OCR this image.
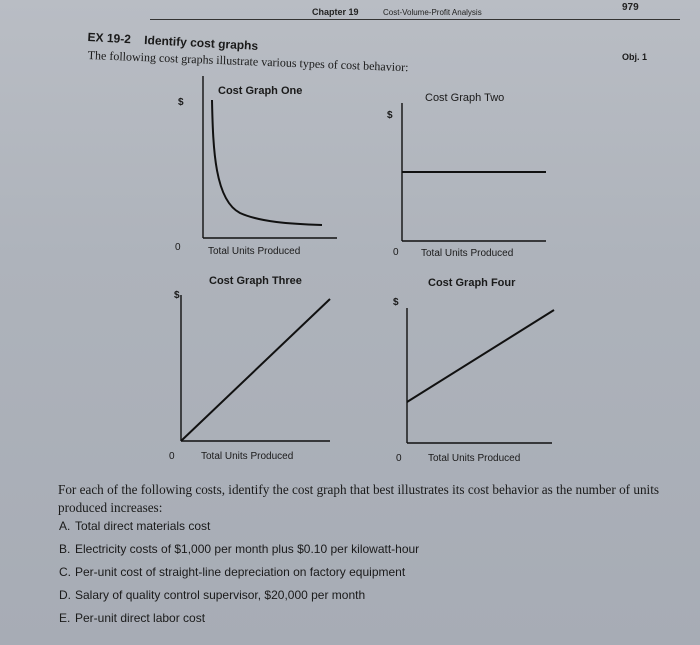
Chapter 19	Cost-Volume-Profit Analysis	979
EX 19-2 Identify cost graphs
The following cost graphs illustrate various types of cost behavior:	Obj. 1
Cost Graph One
Cost Graph Two
Cost Graph Three	Cost Graph Four
$
$
$
$
0	0
0	0
Total Units Produced	Total Units Produced
Total Units Produced	Total Units Produced
For each of the following costs, identify the cost graph that best illustrates its cost behavior as the number of units produced increases:
A. Total direct materials cost
B. Electricity costs of $1,000 per month plus $0.10 per kilowatt-hour
C. Per-unit cost of straight-line depreciation on factory equipment
D. Salary of quality control supervisor, $20,000 per month
E. Per-unit direct labor cost
